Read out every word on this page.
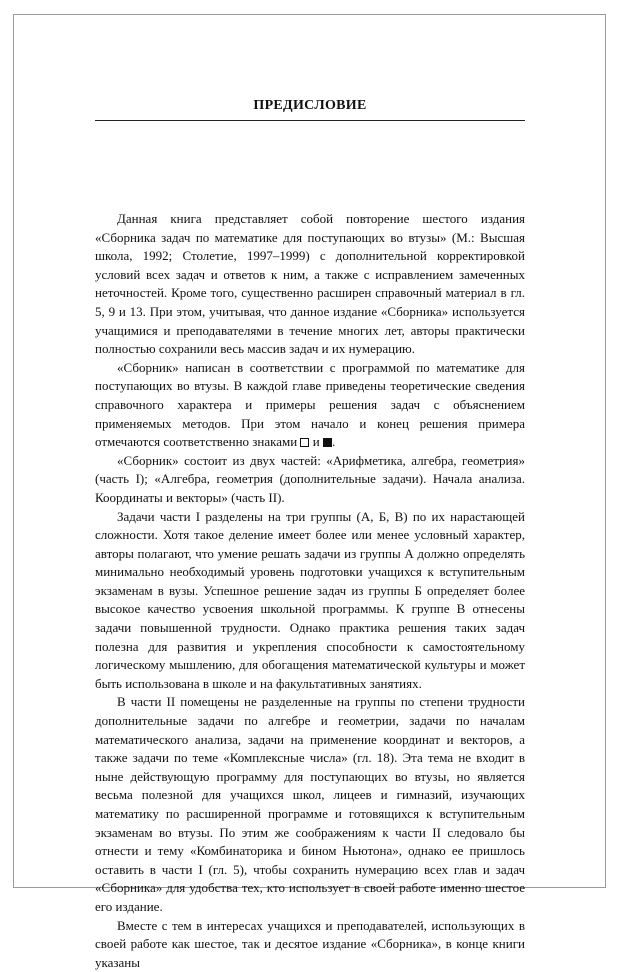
ПРЕДИСЛОВИЕ

Данная книга представляет собой повторение шестого издания «Сборника задач по математике для поступающих во втузы» (М.: Высшая школа, 1992; Столетие, 1997–1999) с дополнительной корректировкой условий всех задач и ответов к ним, а также с исправлением замеченных неточностей. Кроме того, существенно расширен справочный материал в гл. 5, 9 и 13. При этом, учитывая, что данное издание «Сборника» используется учащимися и преподавателями в течение многих лет, авторы практически полностью сохранили весь массив задач и их нумерацию.

«Сборник» написан в соответствии с программой по математике для поступающих во втузы. В каждой главе приведены теоретические сведения справочного характера и примеры решения задач с объяснением применяемых методов. При этом начало и конец решения примера отмечаются соответственно знаками и .

«Сборник» состоит из двух частей: «Арифметика, алгебра, геометрия» (часть I); «Алгебра, геометрия (дополнительные задачи). Начала анализа. Координаты и векторы» (часть II).

Задачи части I разделены на три группы (А, Б, В) по их нарастающей сложности. Хотя такое деление имеет более или менее условный характер, авторы полагают, что умение решать задачи из группы А должно определять минимально необходимый уровень подготовки учащихся к вступительным экзаменам в вузы. Успешное решение задач из группы Б определяет более высокое качество усвоения школьной программы. К группе В отнесены задачи повышенной трудности. Однако практика решения таких задач полезна для развития и укрепления способности к самостоятельному логическому мышлению, для обогащения математической культуры и может быть использована в школе и на факультативных занятиях.

В части II помещены не разделенные на группы по степени трудности дополнительные задачи по алгебре и геометрии, задачи по началам математического анализа, задачи на применение координат и векторов, а также задачи по теме «Комплексные числа» (гл. 18). Эта тема не входит в ныне действующую программу для поступающих во втузы, но является весьма полезной для учащихся школ, лицеев и гимназий, изучающих математику по расширенной программе и готовящихся к вступительным экзаменам во втузы. По этим же соображениям к части II следовало бы отнести и тему «Комбинаторика и бином Ньютона», однако ее пришлось оставить в части I (гл. 5), чтобы сохранить нумерацию всех глав и задач «Сборника» для удобства тех, кто использует в своей работе именно шестое его издание.

Вместе с тем в интересах учащихся и преподавателей, использующих в своей работе как шестое, так и десятое издание «Сборника», в конце книги указаны
